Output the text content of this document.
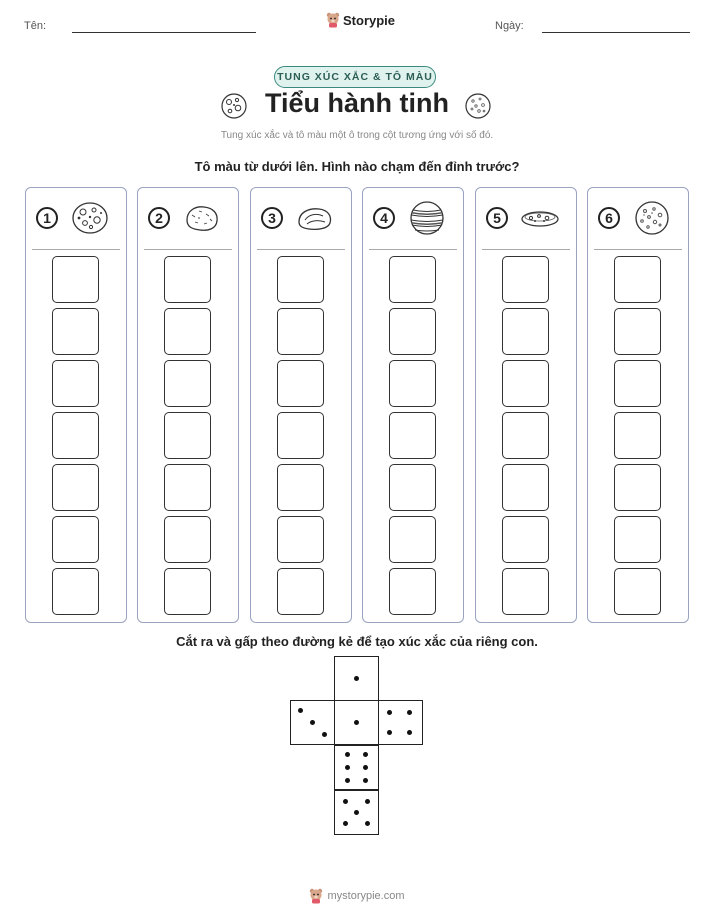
Tên:	Storypie	Ngày:
TUNG XÚC XẮC & TÔ MÀU
Tiểu hành tinh
Tung xúc xắc và tô màu một ô trong cột tương ứng với số đó.
Tô màu từ dưới lên. Hình nào chạm đến đỉnh trước?
1	2	3	4	5	6
Cắt ra và gấp theo đường kẻ để tạo xúc xắc của riêng con.
mystorypie.com
